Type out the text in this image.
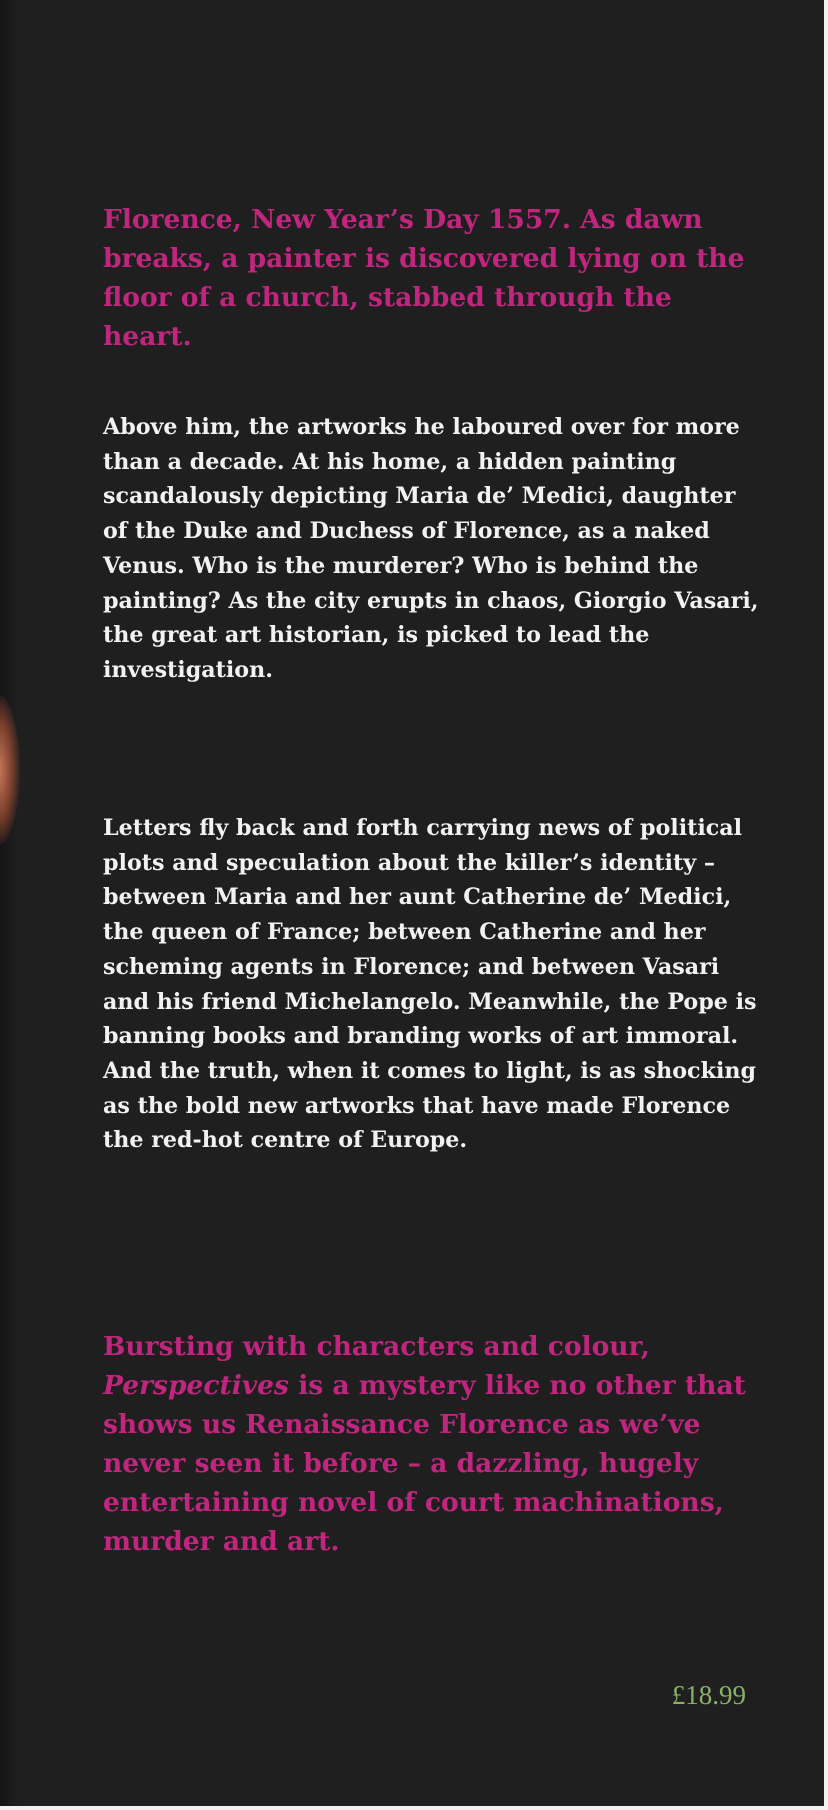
Florence, New Year’s Day 1557. As dawn breaks, a painter is discovered lying on the floor of a church, stabbed through the heart.

Above him, the artworks he laboured over for more than a decade. At his home, a hidden painting scandalously depicting Maria de’ Medici, daughter of the Duke and Duchess of Florence, as a naked Venus. Who is the murderer? Who is behind the painting? As the city erupts in chaos, Giorgio Vasari, the great art historian, is picked to lead the investigation.

Letters fly back and forth carrying news of political plots and speculation about the killer’s identity – between Maria and her aunt Catherine de’ Medici, the queen of France; between Catherine and her scheming agents in Florence; and between Vasari and his friend Michelangelo. Meanwhile, the Pope is banning books and branding works of art immoral. And the truth, when it comes to light, is as shocking as the bold new artworks that have made Florence the red-hot centre of Europe.

Bursting with characters and colour, Perspectives is a mystery like no other that shows us Renaissance Florence as we’ve never seen it before – a dazzling, hugely entertaining novel of court machinations, murder and art.

£18.99
